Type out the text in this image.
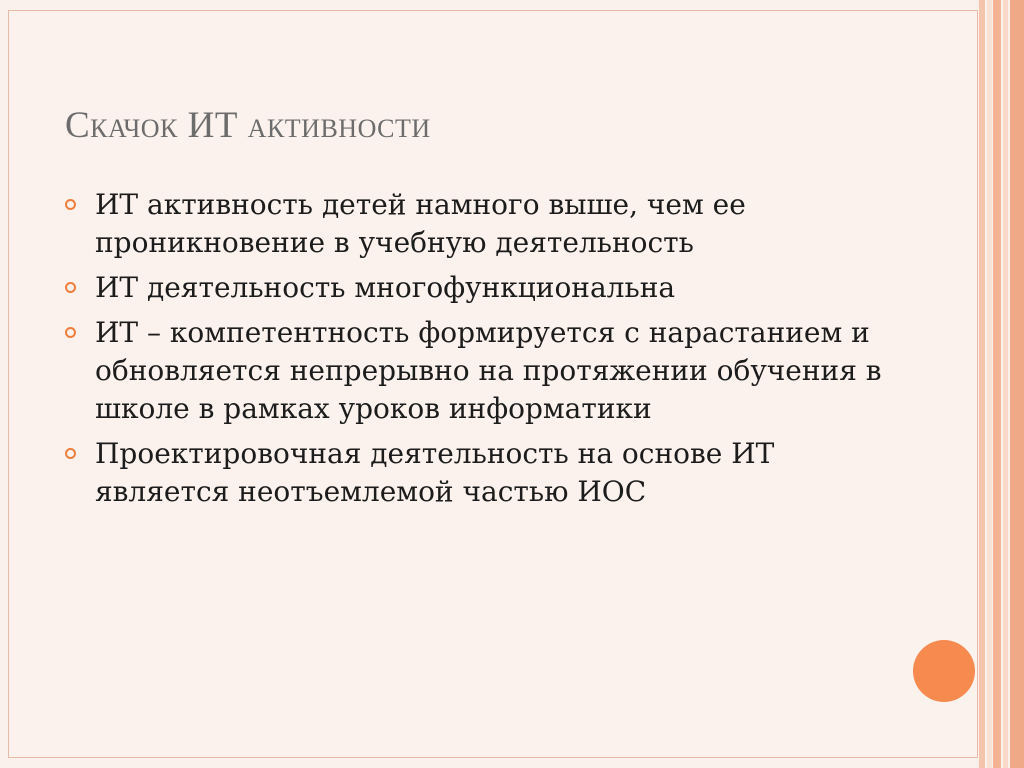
Скачок ИТ активности
ИТ активность детей намного выше, чем ее проникновение в учебную деятельность
ИТ деятельность многофункциональна
ИТ – компетентность формируется с нарастанием и обновляется непрерывно на протяжении обучения в школе в рамках уроков информатики
Проектировочная деятельность на основе ИТ является неотъемлемой частью ИОС
